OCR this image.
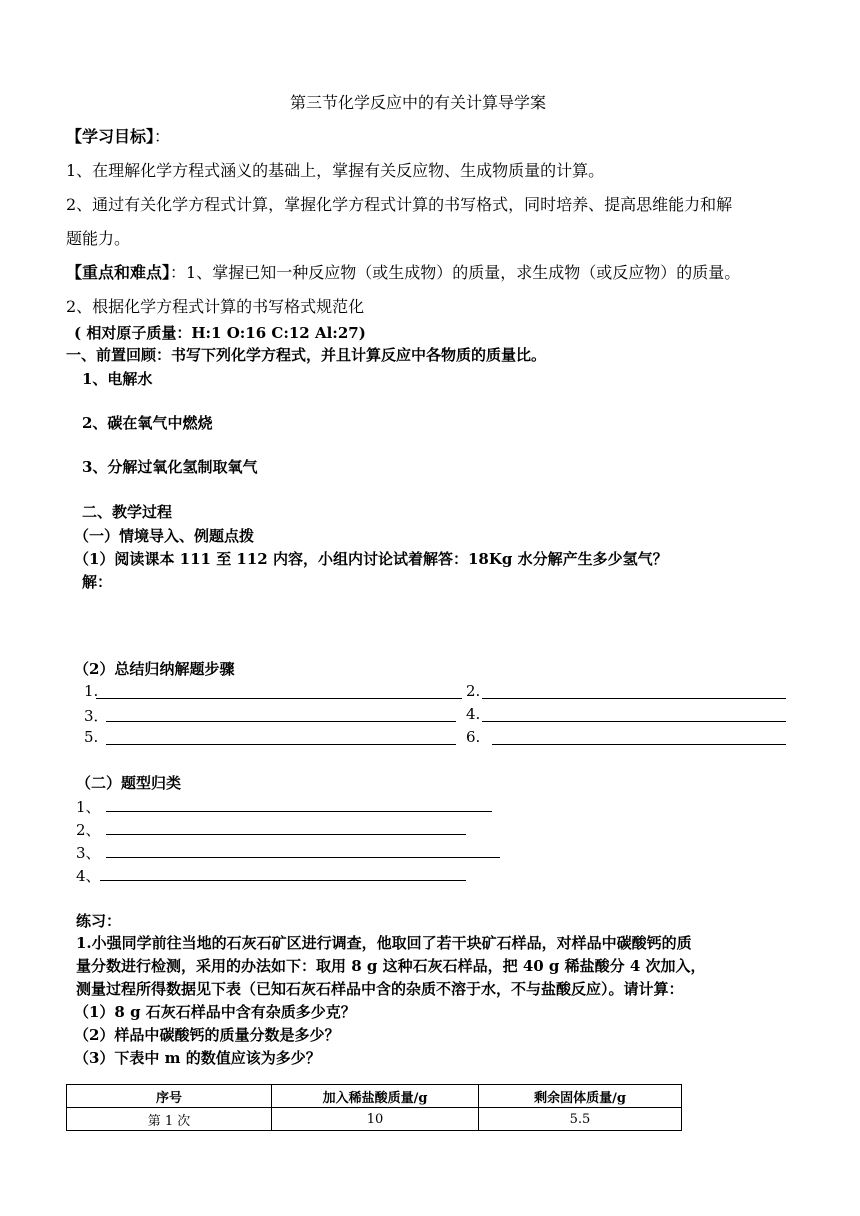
第三节化学反应中的有关计算导学案
【学习目标】：
1、在理解化学方程式涵义的基础上，掌握有关反应物、生成物质量的计算。
2、通过有关化学方程式计算，掌握化学方程式计算的书写格式，同时培养、提高思维能力和解
题能力。
【重点和难点】：1、掌握已知一种反应物（或生成物）的质量，求生成物（或反应物）的质量。
2、根据化学方程式计算的书写格式规范化
( 相对原子质量：H:1 O:16 C:12 Al:27)
一、前置回顾：书写下列化学方程式，并且计算反应中各物质的质量比。
1、电解水
2、碳在氧气中燃烧
3、分解过氧化氢制取氧气
二、教学过程
（一）情境导入、例题点拨
（1）阅读课本 111 至 112 内容，小组内讨论试着解答：18Kg 水分解产生多少氢气？
解：
（2）总结归纳解题步骤
1.	2.
3．	4.
5.	6.
（二）题型归类
1、
2、
3、
4、
练习：
1.小强同学前往当地的石灰石矿区进行调查，他取回了若干块矿石样品，对样品中碳酸钙的质
量分数进行检测，采用的办法如下：取用 8 g 这种石灰石样品，把 40 g 稀盐酸分 4 次加入，
测量过程所得数据见下表（已知石灰石样品中含的杂质不溶于水，不与盐酸反应）。请计算：
（1）8 g 石灰石样品中含有杂质多少克？
（2）样品中碳酸钙的质量分数是多少？
（3）下表中 m 的数值应该为多少？
序号	加入稀盐酸质量/g	剩余固体质量/g
第 1 次	10	5.5
